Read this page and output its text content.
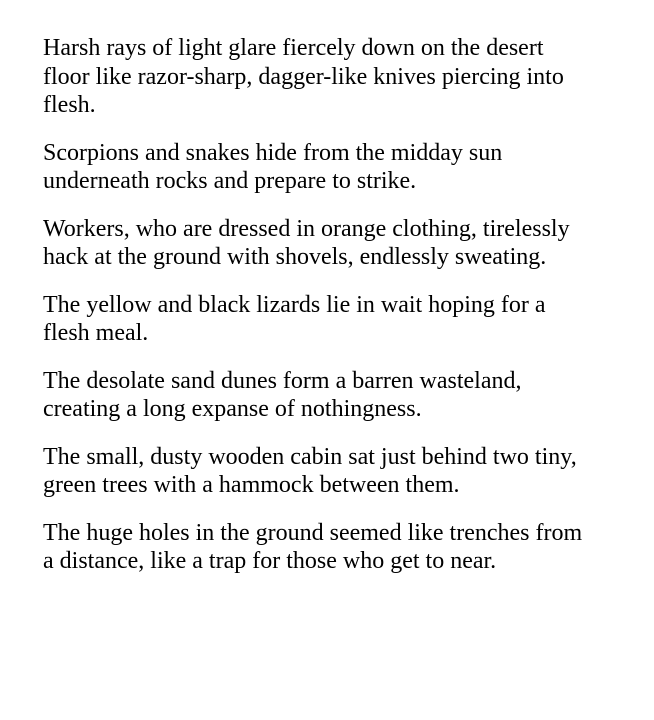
Harsh rays of light glare fiercely down on the desert
floor like razor-sharp, dagger-like knives piercing into
flesh.

Scorpions and snakes hide from the midday sun
underneath rocks and prepare to strike.

Workers, who are dressed in orange clothing, tirelessly
hack at the ground with shovels, endlessly sweating.

The yellow and black lizards lie in wait hoping for a
flesh meal.

The desolate sand dunes form a barren wasteland,
creating a long expanse of nothingness.

The small, dusty wooden cabin sat just behind two tiny,
green trees with a hammock between them.

The huge holes in the ground seemed like trenches from
a distance, like a trap for those who get to near.
